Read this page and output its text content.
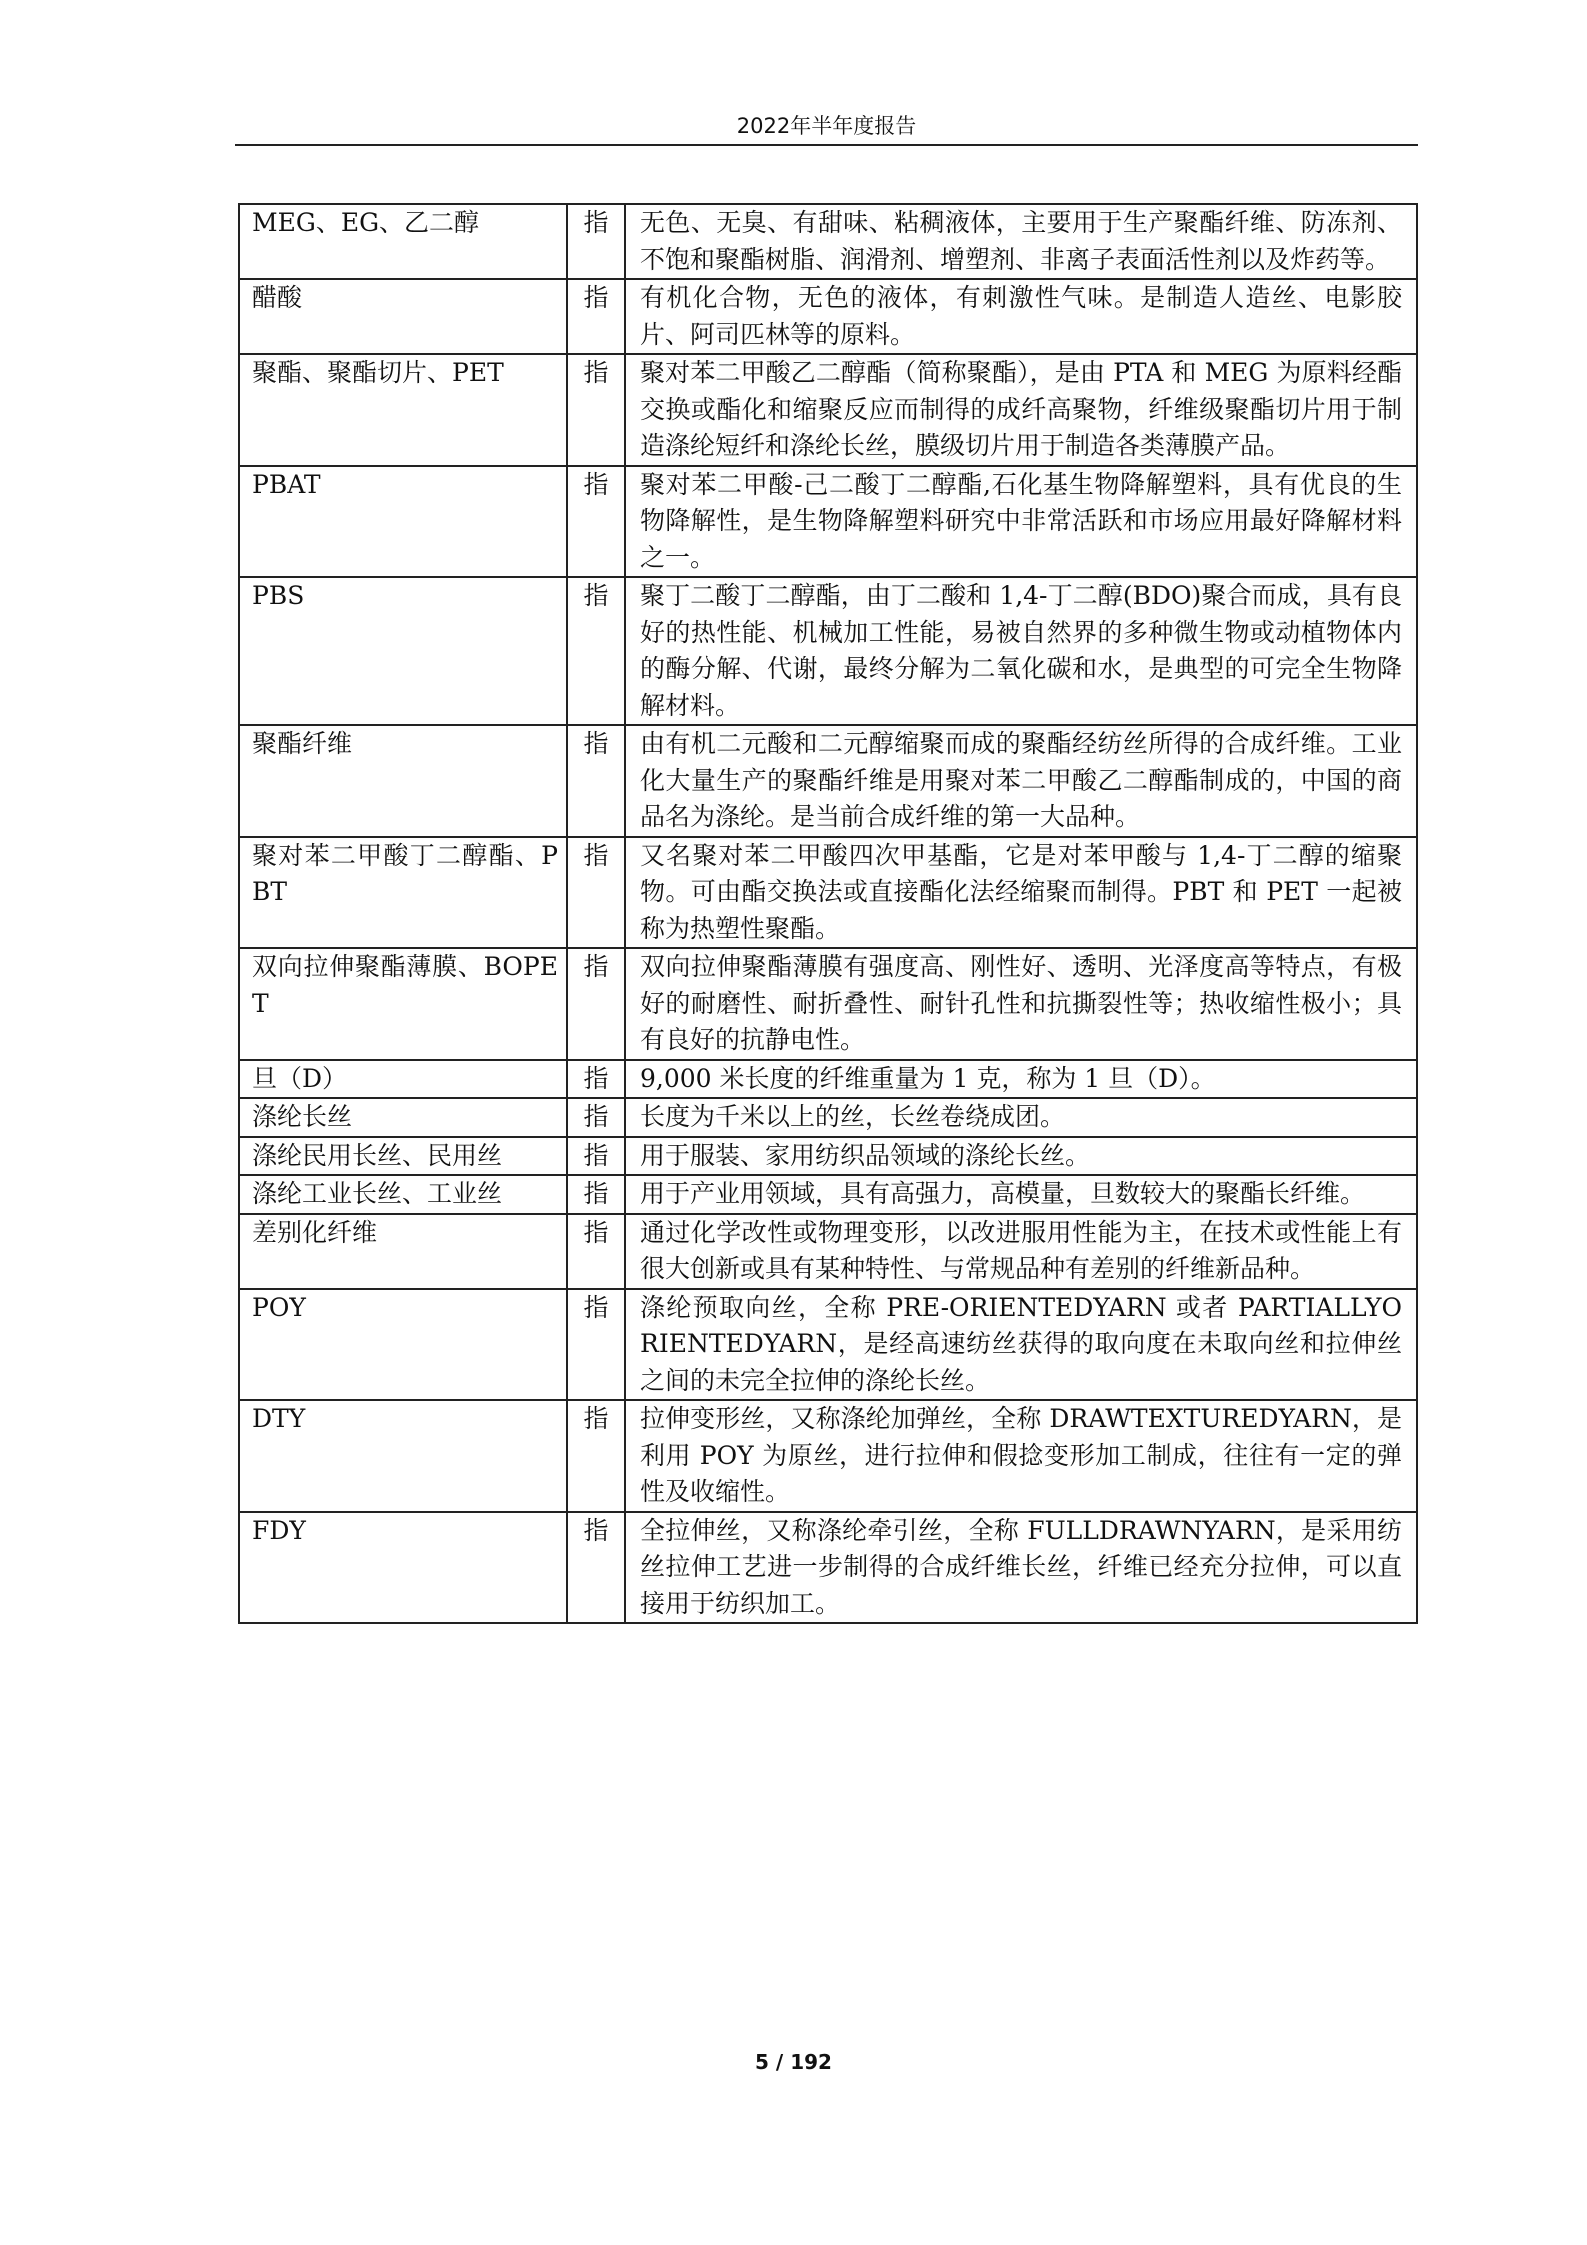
2022年半年度报告
MEG、EG、乙二醇	指	无色、无臭、有甜味、粘稠液体，主要用于生产聚酯纤维、防冻剂、不饱和聚酯树脂、润滑剂、增塑剂、非离子表面活性剂以及炸药等。
醋酸	指	有机化合物，无色的液体，有刺激性气味。是制造人造丝、电影胶片、阿司匹林等的原料。
聚酯、聚酯切片、PET	指	聚对苯二甲酸乙二醇酯（简称聚酯），是由 PTA 和 MEG 为原料经酯交换或酯化和缩聚反应而制得的成纤高聚物，纤维级聚酯切片用于制造涤纶短纤和涤纶长丝，膜级切片用于制造各类薄膜产品。
PBAT	指	聚对苯二甲酸-己二酸丁二醇酯,石化基生物降解塑料，具有优良的生物降解性，是生物降解塑料研究中非常活跃和市场应用最好降解材料之一。
PBS	指	聚丁二酸丁二醇酯，由丁二酸和 1,4-丁二醇(BDO)聚合而成，具有良好的热性能、机械加工性能，易被自然界的多种微生物或动植物体内的酶分解、代谢，最终分解为二氧化碳和水，是典型的可完全生物降解材料。
聚酯纤维	指	由有机二元酸和二元醇缩聚而成的聚酯经纺丝所得的合成纤维。工业化大量生产的聚酯纤维是用聚对苯二甲酸乙二醇酯制成的，中国的商品名为涤纶。是当前合成纤维的第一大品种。
聚对苯二甲酸丁二醇酯、PBT	指	又名聚对苯二甲酸四次甲基酯，它是对苯甲酸与 1,4-丁二醇的缩聚物。可由酯交换法或直接酯化法经缩聚而制得。PBT 和 PET 一起被称为热塑性聚酯。
双向拉伸聚酯薄膜、BOPET	指	双向拉伸聚酯薄膜有强度高、刚性好、透明、光泽度高等特点，有极好的耐磨性、耐折叠性、耐针孔性和抗撕裂性等；热收缩性极小；具有良好的抗静电性。
旦（D）	指	9,000 米长度的纤维重量为 1 克，称为 1 旦（D）。
涤纶长丝	指	长度为千米以上的丝，长丝卷绕成团。
涤纶民用长丝、民用丝	指	用于服装、家用纺织品领域的涤纶长丝。
涤纶工业长丝、工业丝	指	用于产业用领域，具有高强力，高模量，旦数较大的聚酯长纤维。
差别化纤维	指	通过化学改性或物理变形，以改进服用性能为主，在技术或性能上有很大创新或具有某种特性、与常规品种有差别的纤维新品种。
POY	指	涤纶预取向丝，全称 PRE-ORIENTEDYARN 或者 PARTIALLYORIENTEDYARN，是经高速纺丝获得的取向度在未取向丝和拉伸丝之间的未完全拉伸的涤纶长丝。
DTY	指	拉伸变形丝，又称涤纶加弹丝，全称 DRAWTEXTUREDYARN，是利用 POY 为原丝，进行拉伸和假捻变形加工制成，往往有一定的弹性及收缩性。
FDY	指	全拉伸丝，又称涤纶牵引丝，全称 FULLDRAWNYARN，是采用纺丝拉伸工艺进一步制得的合成纤维长丝，纤维已经充分拉伸，可以直接用于纺织加工。
5 / 192
